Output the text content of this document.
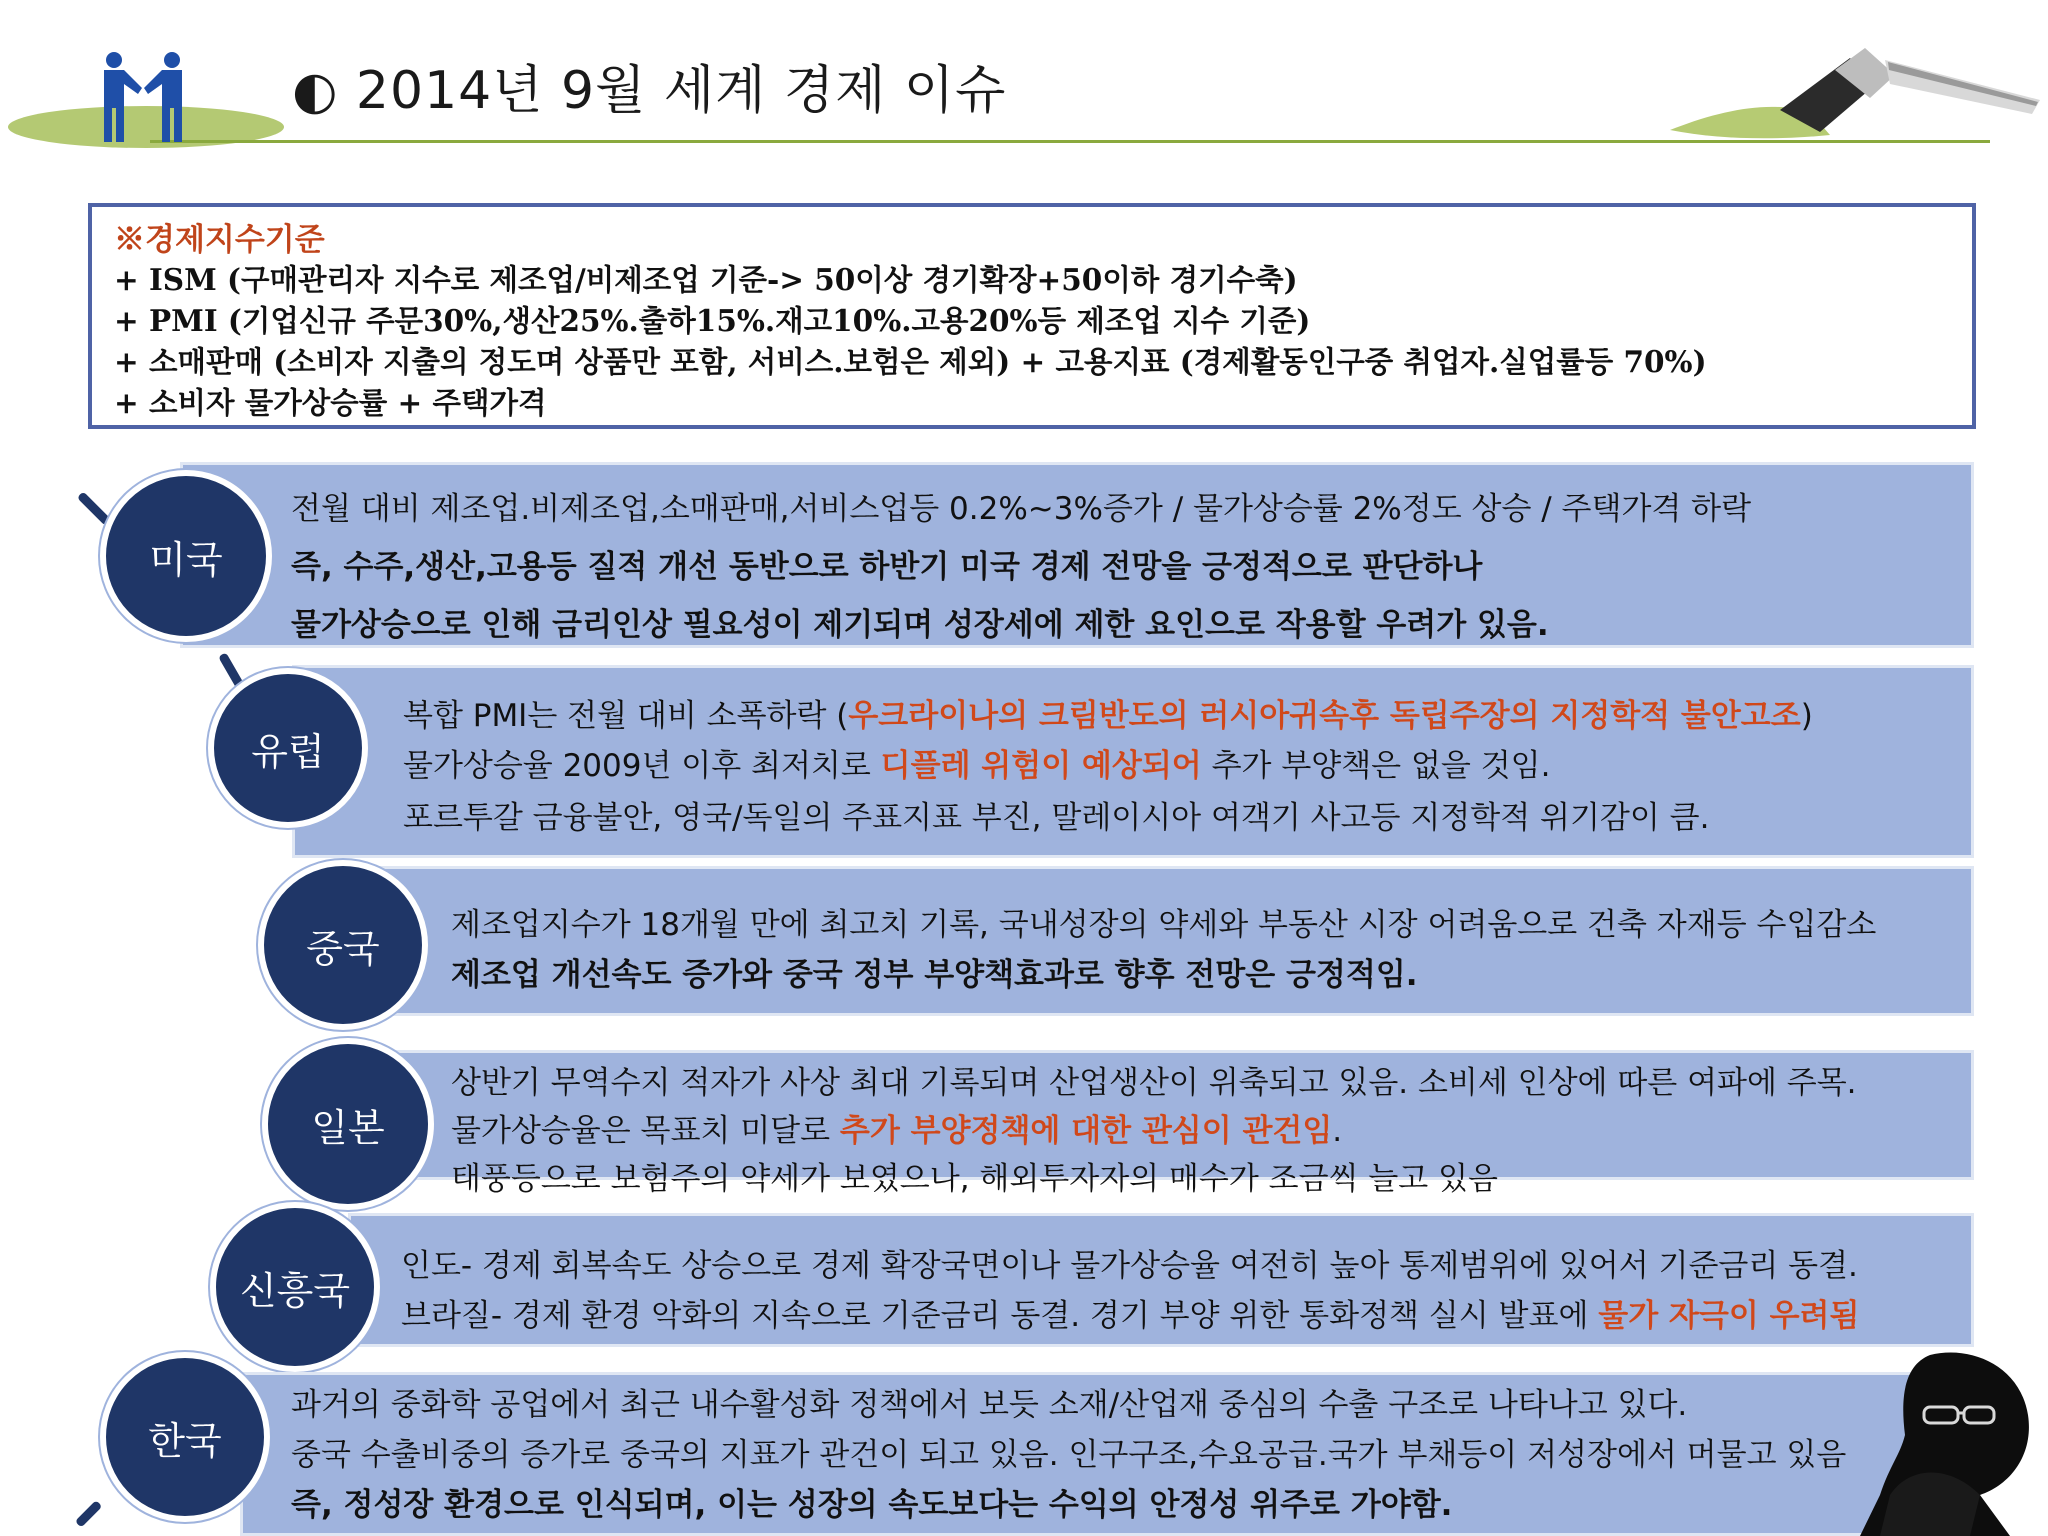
◐ 2014년 9월 세계 경제 이슈
※경제지수기준
+ ISM (구매관리자 지수로 제조업/비제조업 기준-> 50이상 경기확장+50이하 경기수축)
+ PMI (기업신규 주문30%,생산25%.출하15%.재고10%.고용20%등 제조업 지수 기준)
+ 소매판매 (소비자 지출의 정도며 상품만 포함, 서비스.보험은 제외) + 고용지표 (경제활동인구중 취업자.실업률등 70%)
+ 소비자 물가상승률 + 주택가격
전월 대비 제조업.비제조업,소매판매,서비스업등 0.2%~3%증가 / 물가상승률 2%정도 상승 / 주택가격 하락
즉, 수주,생산,고용등 질적 개선 동반으로 하반기 미국 경제 전망을 긍정적으로 판단하나
물가상승으로 인해 금리인상 필요성이 제기되며 성장세에 제한 요인으로 작용할 우려가 있음.
미국
복합 PMI는 전월 대비 소폭하락 (우크라이나의 크림반도의 러시아귀속후 독립주장의 지정학적 불안고조)
물가상승율 2009년 이후 최저치로 디플레 위험이 예상되어 추가 부양책은 없을 것임.
포르투갈 금융불안, 영국/독일의 주표지표 부진, 말레이시아 여객기 사고등 지정학적 위기감이 큼.
유럽
제조업지수가 18개월 만에 최고치 기록, 국내성장의 약세와 부동산 시장 어려움으로 건축 자재등 수입감소
제조업 개선속도 증가와 중국 정부 부양책효과로 향후 전망은 긍정적임.
중국
상반기 무역수지 적자가 사상 최대 기록되며 산업생산이 위축되고 있음. 소비세 인상에 따른 여파에 주목.
물가상승율은 목표치 미달로 추가 부양정책에 대한 관심이 관건임.
태풍등으로 보험주의 약세가 보였으나, 해외투자자의 매수가 조금씩 늘고 있음
일본
인도- 경제 회복속도 상승으로 경제 확장국면이나 물가상승율 여전히 높아 통제범위에 있어서 기준금리 동결.
브라질- 경제 환경 악화의 지속으로 기준금리 동결. 경기 부양 위한 통화정책 실시 발표에 물가 자극이 우려됨
신흥국
과거의 중화학 공업에서 최근 내수활성화 정책에서 보듯 소재/산업재 중심의 수출 구조로 나타나고 있다.
중국 수출비중의 증가로 중국의 지표가 관건이 되고 있음. 인구구조,수요공급.국가 부채등이 저성장에서 머물고 있음
즉, 정성장 환경으로 인식되며, 이는 성장의 속도보다는 수익의 안정성 위주로 가야함.
한국
